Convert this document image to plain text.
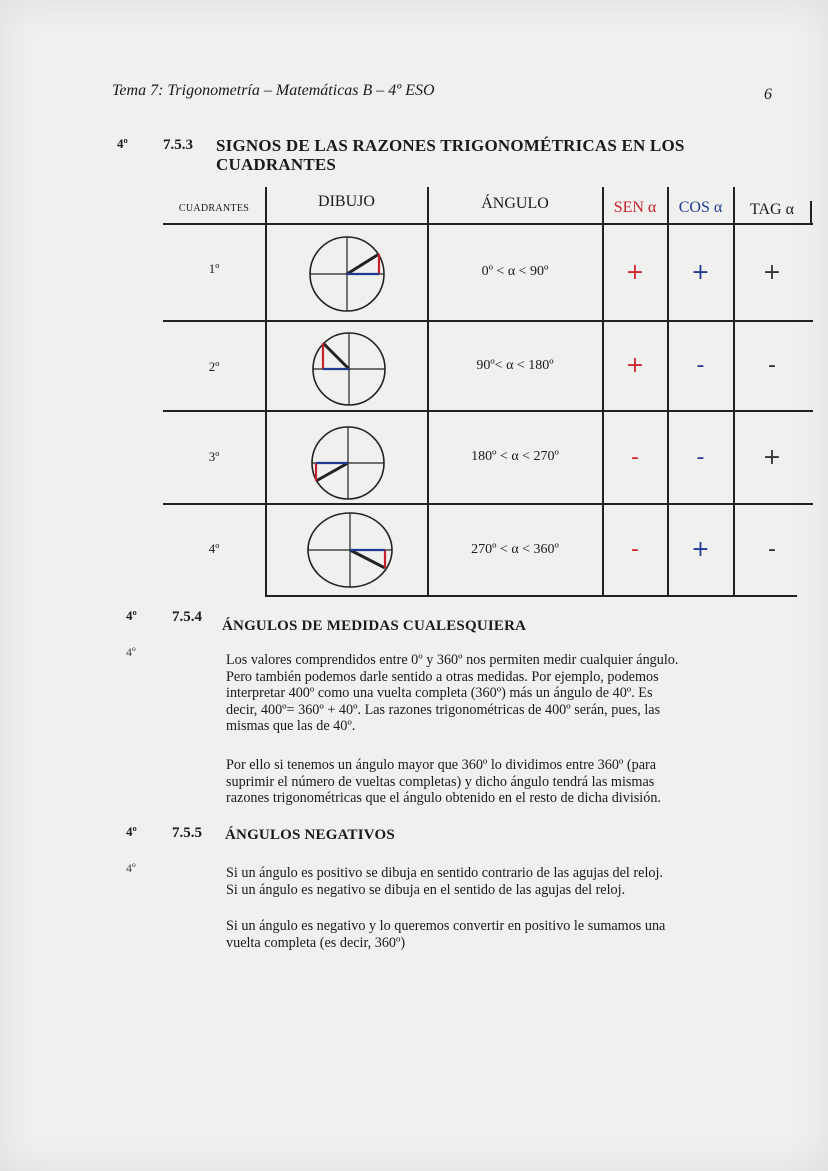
Tema 7: Trigonometría – Matemáticas B – 4º ESO	6
4º 7.5.3 SIGNOS DE LAS RAZONES TRIGONOMÉTRICAS EN LOS
CUADRANTES
CUADRANTES	DIBUJO	ÁNGULO	SEN α	COS α	TAG α
1º	0º < α < 90º	+	+	+
2º	90º< α < 180º	+	-	-
3º	180º < α < 270º	-	-	+
4º	270º < α < 360º	-	+	-
4º 7.5.4
ÁNGULOS DE MEDIDAS CUALESQUIERA
4º	Los valores comprendidos entre 0º y 360º nos permiten medir cualquier ángulo.
Pero también podemos darle sentido a otras medidas. Por ejemplo, podemos
interpretar 400º como una vuelta completa (360º) más un ángulo de 40º. Es
decir, 400º= 360º + 40º. Las razones trigonométricas de 400º serán, pues, las
mismas que las de 40º.
Por ello si tenemos un ángulo mayor que 360º lo dividimos entre 360º (para
suprimir el número de vueltas completas) y dicho ángulo tendrá las mismas
razones trigonométricas que el ángulo obtenido en el resto de dicha división.
4º 7.5.5 ÁNGULOS NEGATIVOS
4º	Si un ángulo es positivo se dibuja en sentido contrario de las agujas del reloj.
Si un ángulo es negativo se dibuja en el sentido de las agujas del reloj.
Si un ángulo es negativo y lo queremos convertir en positivo le sumamos una
vuelta completa (es decir, 360º)
